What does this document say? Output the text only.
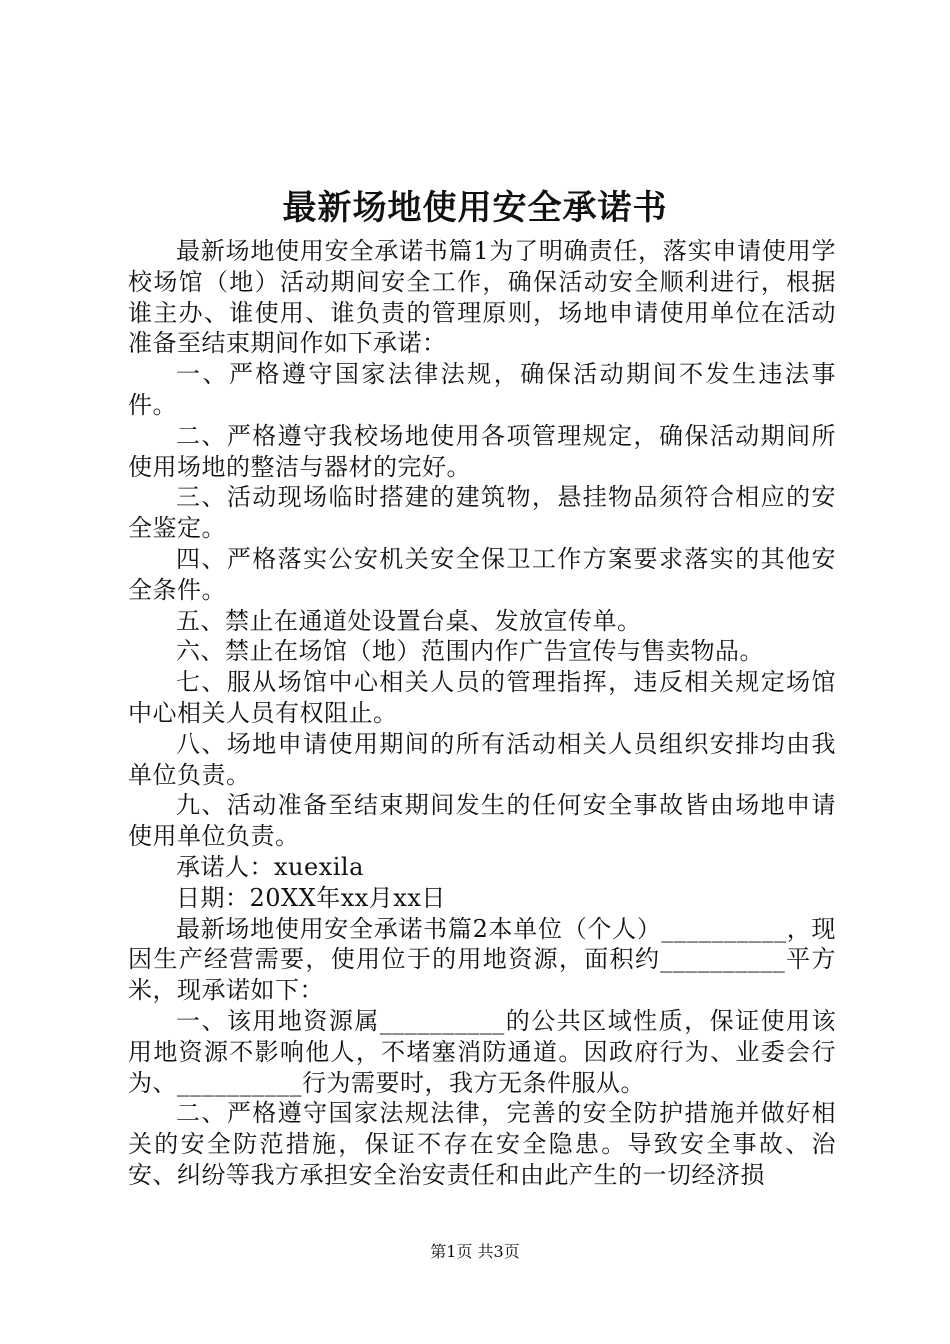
最新场地使用安全承诺书

最新场地使用安全承诺书篇1为了明确责任，落实申请使用学校场馆（地）活动期间安全工作，确保活动安全顺利进行，根据谁主办、谁使用、谁负责的管理原则，场地申请使用单位在活动准备至结束期间作如下承诺：

一、严格遵守国家法律法规，确保活动期间不发生违法事件。

二、严格遵守我校场地使用各项管理规定，确保活动期间所使用场地的整洁与器材的完好。

三、活动现场临时搭建的建筑物，悬挂物品须符合相应的安全鉴定。

四、严格落实公安机关安全保卫工作方案要求落实的其他安全条件。

五、禁止在通道处设置台桌、发放宣传单。

六、禁止在场馆（地）范围内作广告宣传与售卖物品。

七、服从场馆中心相关人员的管理指挥，违反相关规定场馆中心相关人员有权阻止。

八、场地申请使用期间的所有活动相关人员组织安排均由我单位负责。

九、活动准备至结束期间发生的任何安全事故皆由场地申请使用单位负责。

承诺人：xuexila

日期：20XX年xx月xx日

最新场地使用安全承诺书篇2本单位（个人）__________，现因生产经营需要，使用位于的用地资源，面积约__________平方米，现承诺如下：

一、该用地资源属__________的公共区域性质，保证使用该用地资源不影响他人，不堵塞消防通道。因政府行为、业委会行为、__________行为需要时，我方无条件服从。

二、严格遵守国家法规法律，完善的安全防护措施并做好相关的安全防范措施，保证不存在安全隐患。导致安全事故、治安、纠纷等我方承担安全治安责任和由此产生的一切经济损

第1页 共3页
